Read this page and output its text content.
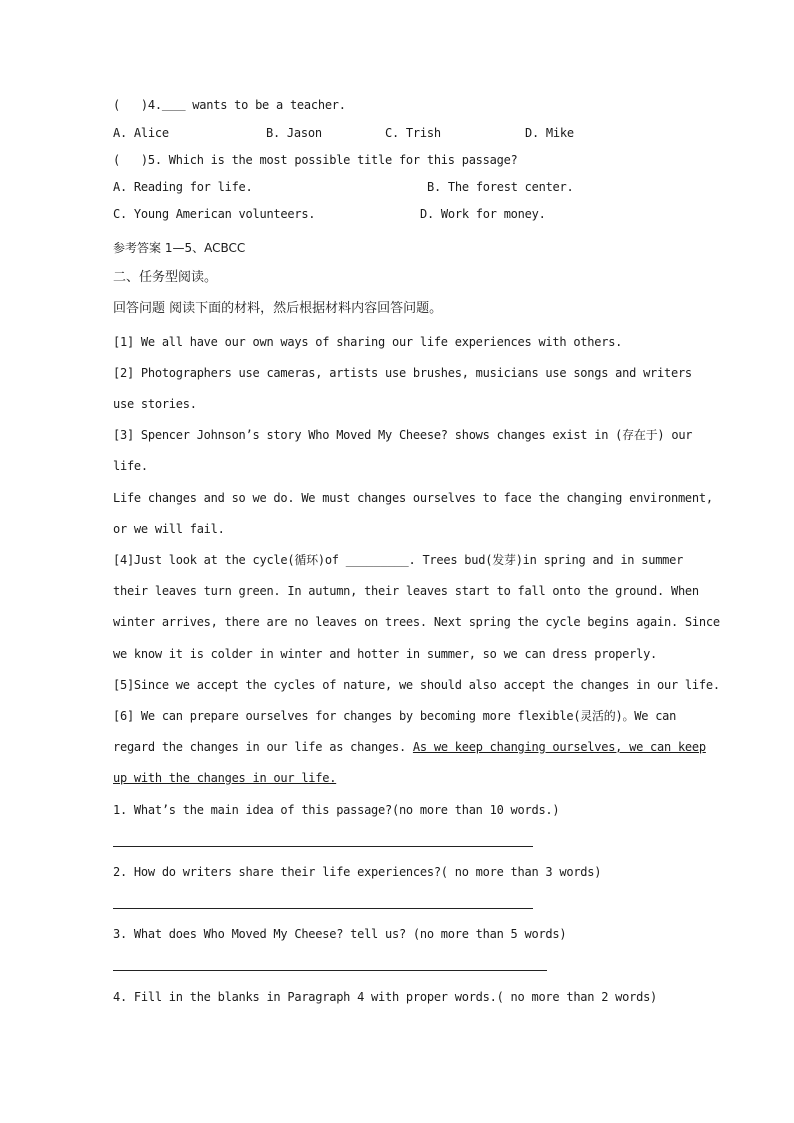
(   )4.＿＿ wants to be a teacher.
A. Alice	B. Jason	C. Trish	D. Mike
(   )5. Which is the most possible title for this passage?
A. Reading for life.	B. The forest center.
C. Young American volunteers.	D. Work for money.
参考答案 1—5、ACBCC
二、任务型阅读。
回答问题 阅读下面的材料，然后根据材料内容回答问题。
[1] We all have our own ways of sharing our life experiences with others.
[2] Photographers use cameras, artists use brushes, musicians use songs and writers
use stories.
[3] Spencer Johnson’s story Who Moved My Cheese? shows changes exist in (存在于) our
life.
Life changes and so we do. We must changes ourselves to face the changing environment,
or we will fail.
[4]Just look at the cycle(循环)of _________. Trees bud(发芽)in spring and in summer
their leaves turn green. In autumn, their leaves start to fall onto the ground. When
winter arrives, there are no leaves on trees. Next spring the cycle begins again. Since
we know it is colder in winter and hotter in summer, so we can dress properly.
[5]Since we accept the cycles of nature, we should also accept the changes in our life.
[6] We can prepare ourselves for changes by becoming more flexible(灵活的)。We can
regard the changes in our life as changes. As we keep changing ourselves, we can keep
up with the changes in our life.
1. What’s the main idea of this passage?(no more than 10 words.)
2. How do writers share their life experiences?( no more than 3 words)
3. What does Who Moved My Cheese? tell us? (no more than 5 words)
4. Fill in the blanks in Paragraph 4 with proper words.( no more than 2 words)
